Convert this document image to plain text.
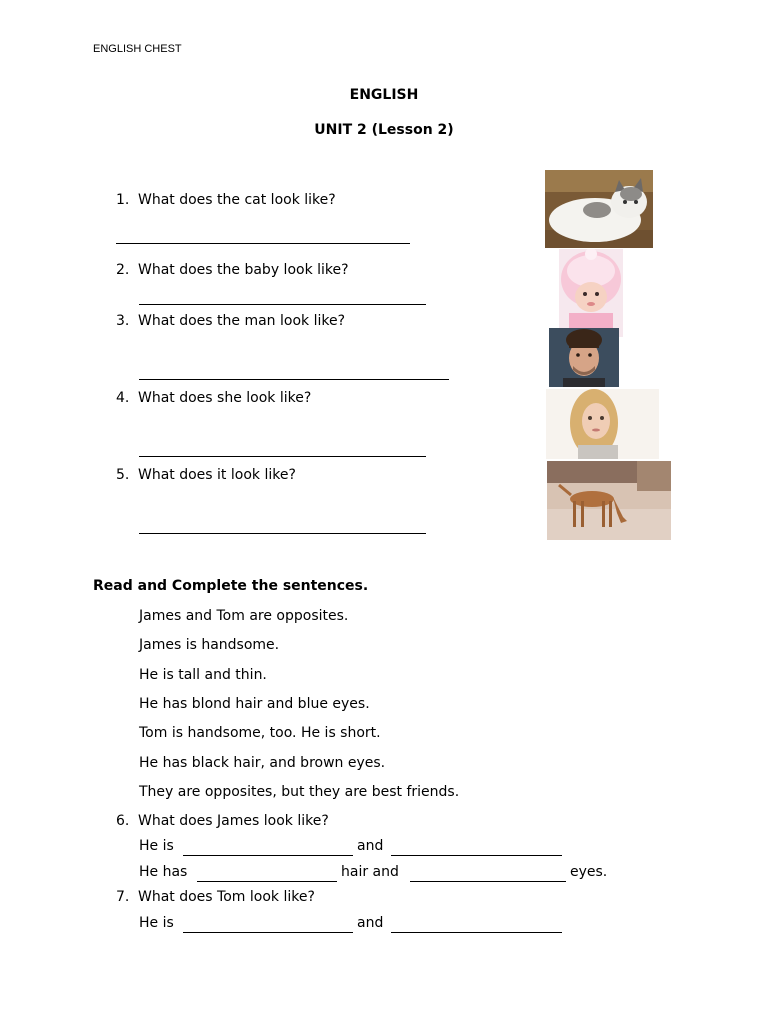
ENGLISH CHEST
ENGLISH
UNIT 2 (Lesson 2)
1. What does the cat look like?
2. What does the baby look like?
3. What does the man look like?
4. What does she look like?
5. What does it look like?
Read and Complete the sentences.
James and Tom are opposites.
James is handsome.
He is tall and thin.
He has blond hair and blue eyes.
Tom is handsome, too. He is short.
He has black hair, and brown eyes.
They are opposites, but they are best friends.
6. What does James look like?
He is	and
He has	hair and	eyes.
7. What does Tom look like?
He is	and
